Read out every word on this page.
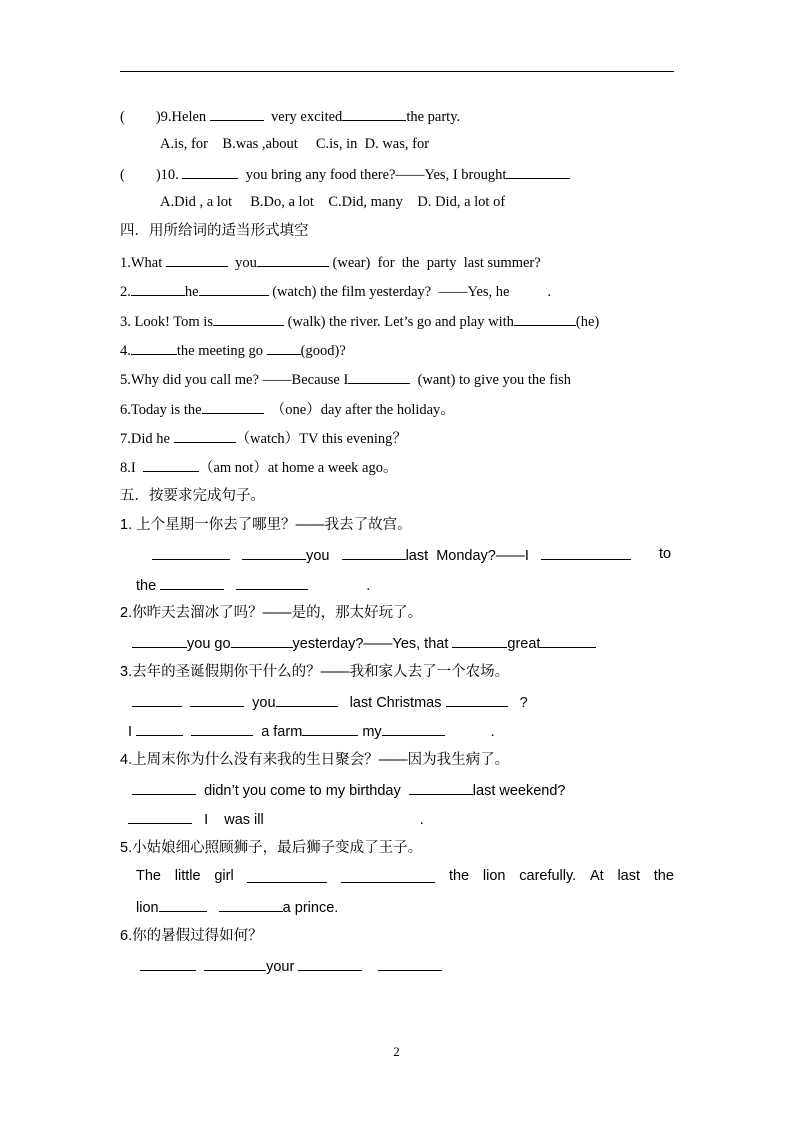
( )9.Helen	very excited	the party.
A.is, for    B.was ,about     C.is, in  D. was, for
( )10.	you bring any food there?——Yes, I brought
A.Did , a lot     B.Do, a lot    C.Did, many    D. Did, a lot of
四．用所给词的适当形式填空
1.What	you	(wear)  for  the  party  last summer?
2.	he	(watch) the film yesterday?  ——Yes, he	.
3. Look! Tom is	(walk) the river. Let’s go and play with	(he)
4.	the meeting go	(good)?
5.Why did you call me? ——Because I	(want) to give you the fish
6.Today is the	（one）day after the holiday。
7.Did he	（watch）TV this evening？
8.I	（am not）at home a week ago。
五．按要求完成句子。
1. 上个星期一你去了哪里？——我去了故宫。
you	last  Monday?——I	to
the	.
2.你昨天去溜冰了吗？——是的，那太好玩了。
you go	yesterday?——Yes, that	great
3.去年的圣诞假期你干什么的？——我和家人去了一个农场。
you	last Christmas	?
I	a farm	my	.
4.上周末你为什么没有来我的生日聚会？——因为我生病了。
didn’t you come to my birthday	last weekend?
I    was ill	.
5.小姑娘细心照顾狮子，最后狮子变成了王子。
The little girl	the lion carefully. At last the
lion	a prince.
6.你的暑假过得如何？
your
2
